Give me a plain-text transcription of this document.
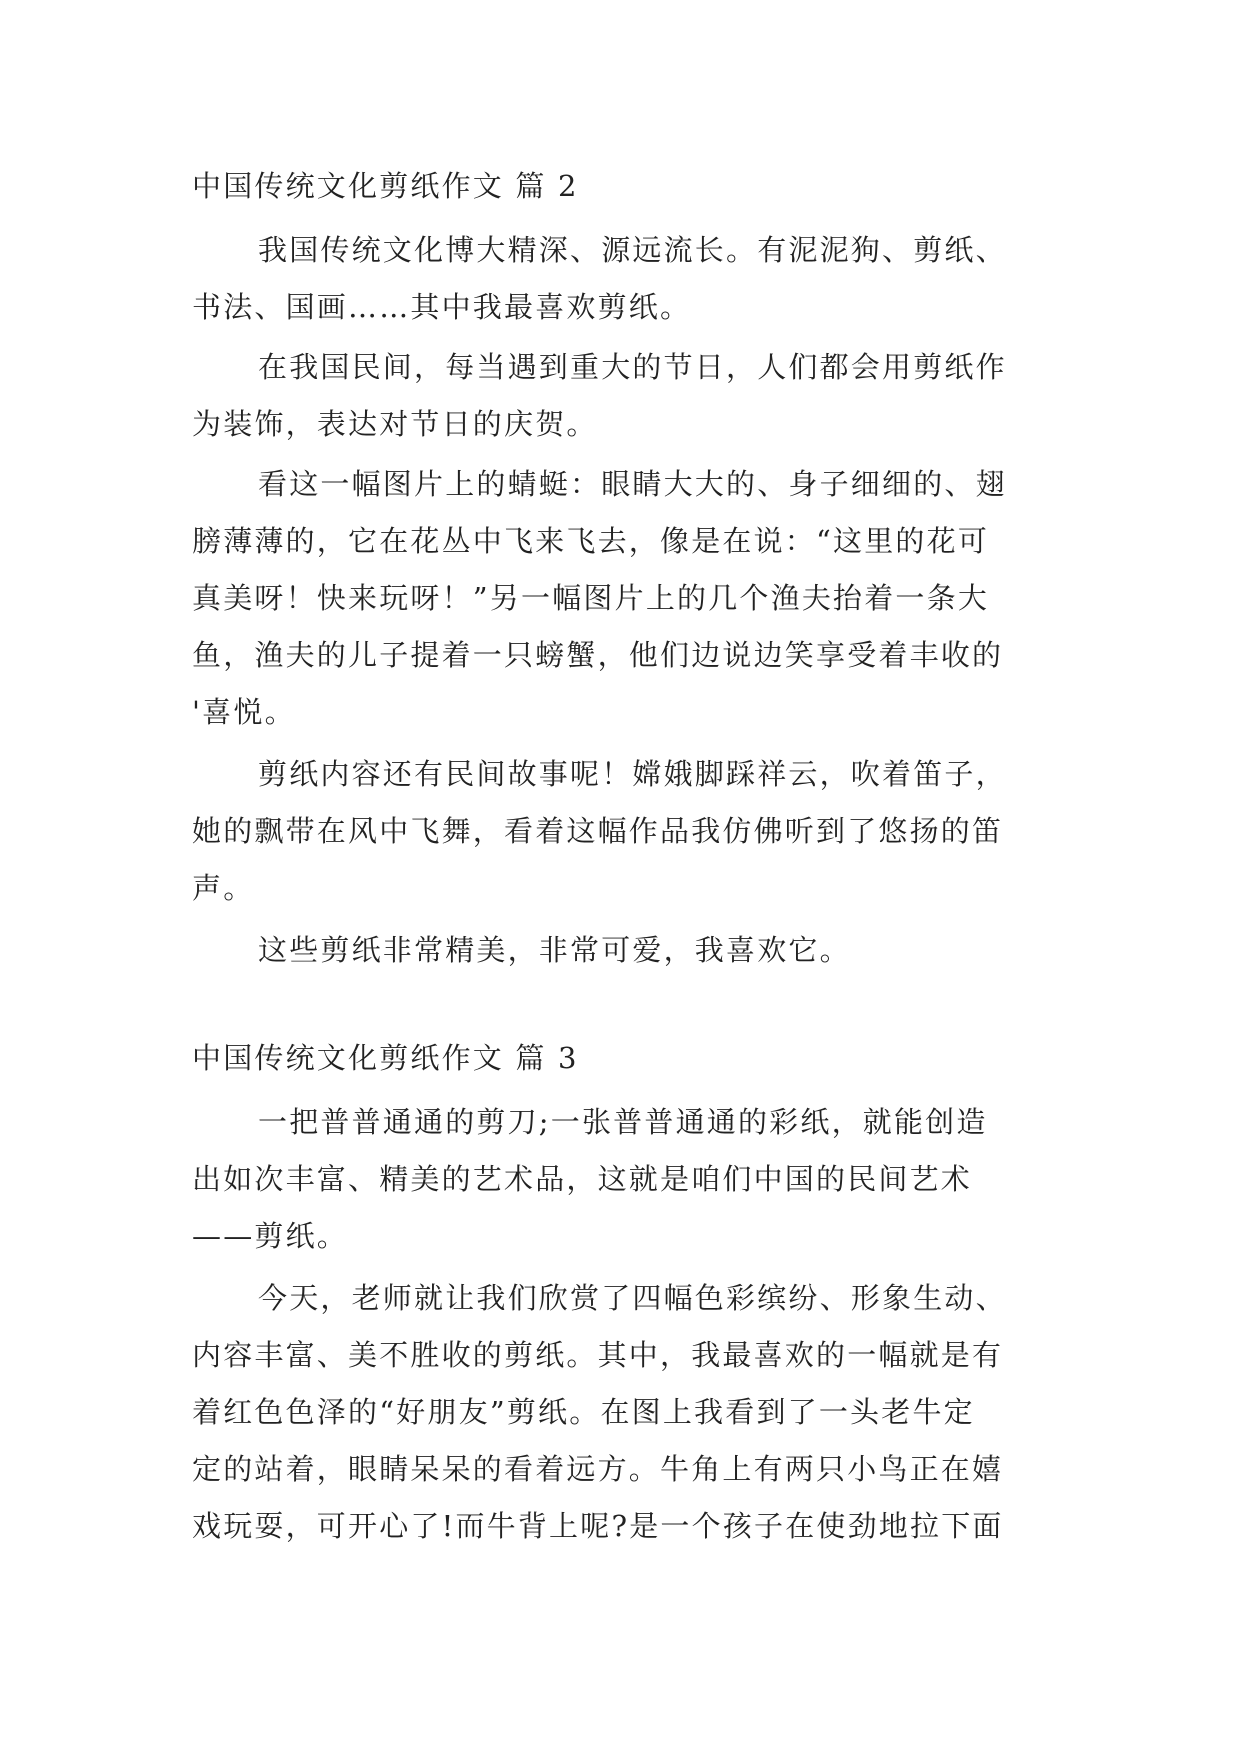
中国传统文化剪纸作文 篇 2
我国传统文化博大精深、源远流长。有泥泥狗、剪纸、
书法、国画……其中我最喜欢剪纸。
在我国民间，每当遇到重大的节日，人们都会用剪纸作
为装饰，表达对节日的庆贺。
看这一幅图片上的蜻蜓：眼睛大大的、身子细细的、翅
膀薄薄的，它在花丛中飞来飞去，像是在说：“这里的花可
真美呀！快来玩呀！”另一幅图片上的几个渔夫抬着一条大
鱼，渔夫的儿子提着一只螃蟹，他们边说边笑享受着丰收的
'喜悦。
剪纸内容还有民间故事呢！嫦娥脚踩祥云，吹着笛子，
她的飘带在风中飞舞，看着这幅作品我仿佛听到了悠扬的笛
声。
这些剪纸非常精美，非常可爱，我喜欢它。
中国传统文化剪纸作文 篇 3
一把普普通通的剪刀;一张普普通通的彩纸，就能创造
出如次丰富、精美的艺术品，这就是咱们中国的民间艺术
——剪纸。
今天，老师就让我们欣赏了四幅色彩缤纷、形象生动、
内容丰富、美不胜收的剪纸。其中，我最喜欢的一幅就是有
着红色色泽的“好朋友”剪纸。在图上我看到了一头老牛定
定的站着，眼睛呆呆的看着远方。牛角上有两只小鸟正在嬉
戏玩耍，可开心了!而牛背上呢?是一个孩子在使劲地拉下面
